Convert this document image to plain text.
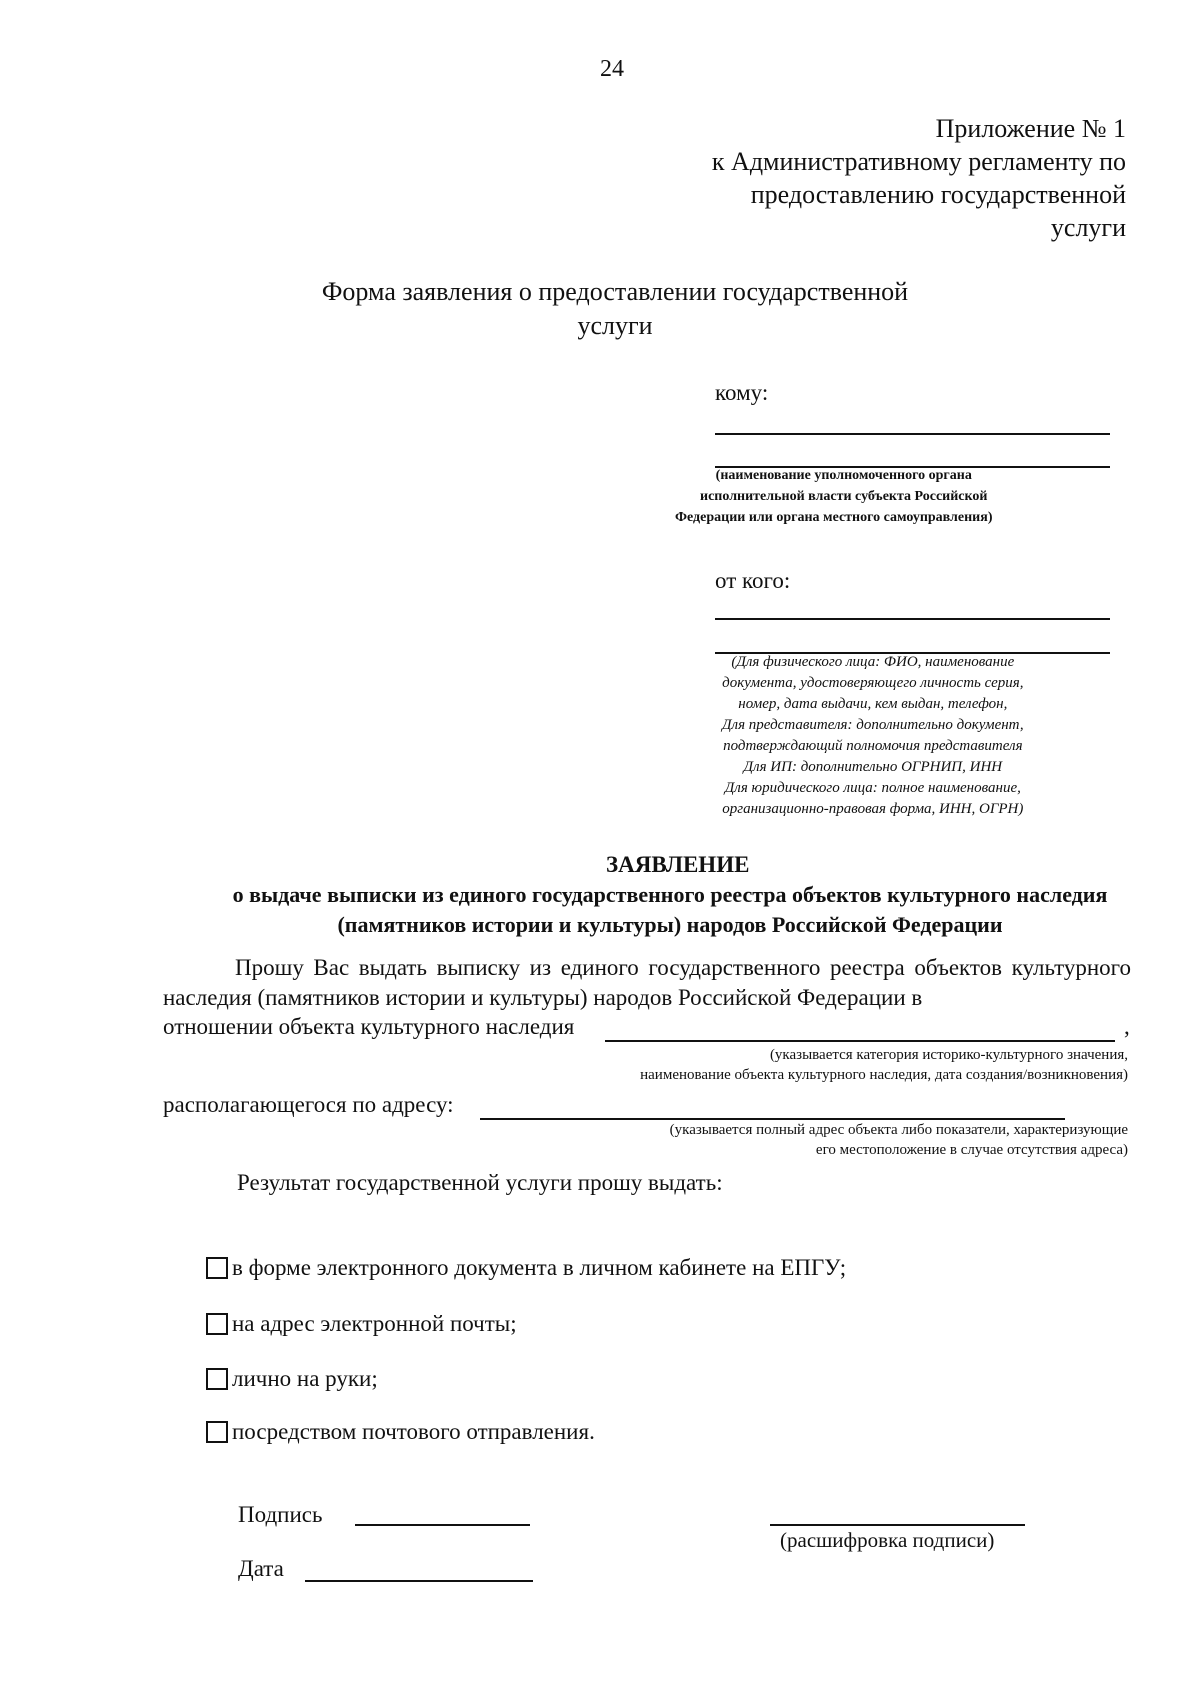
24
Приложение № 1
к Административному регламенту по
предоставлению государственной
услуги
Форма заявления о предоставлении государственной услуги
кому:
(наименование уполномоченного органа
исполнительной власти субъекта Российской
Федерации или органа местного самоуправления)
от кого:
(Для физического лица: ФИО, наименование
документа, удостоверяющего личность серия,
номер, дата выдачи, кем выдан, телефон,
Для представителя: дополнительно документ,
подтверждающий полномочия представителя
Для ИП: дополнительно ОГРНИП, ИНН
Для юридического лица: полное наименование,
организационно-правовая форма, ИНН, ОГРН)
ЗАЯВЛЕНИЕ
о выдаче выписки из единого государственного реестра объектов культурного наследия (памятников истории и культуры) народов Российской Федерации
Прошу Вас выдать выписку из единого государственного реестра объектов культурного наследия (памятников истории и культуры) народов Российской Федерации в
отношении объекта культурного наследия	,
(указывается категория историко-культурного значения,
наименование объекта культурного наследия, дата создания/возникновения)
располагающегося по адресу:
(указывается полный адрес объекта либо показатели, характеризующие
его местоположение в случае отсутствия адреса)
Результат государственной услуги прошу выдать:
в форме электронного документа в личном кабинете на ЕПГУ;
на адрес электронной почты;
лично на руки;
посредством почтового отправления.
Подпись
(расшифровка подписи)
Дата
